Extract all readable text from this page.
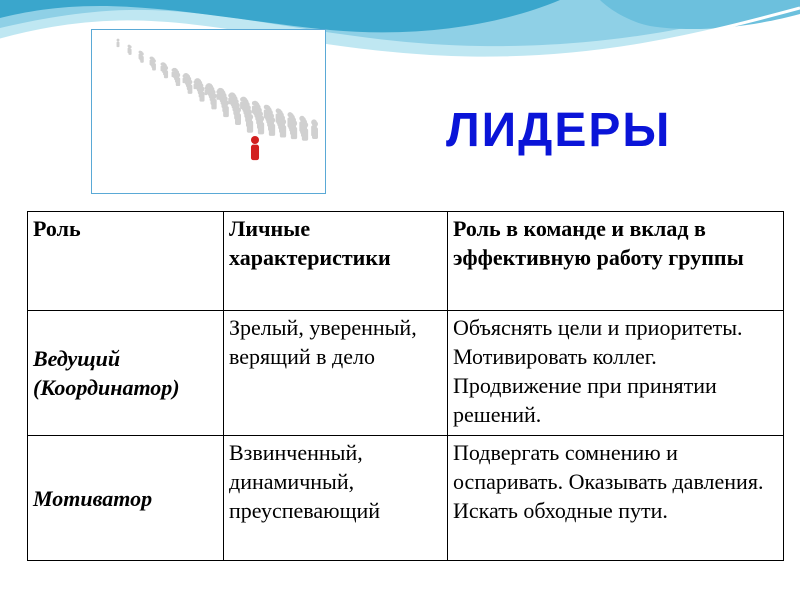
ЛИДЕРЫ
Роль	Личные характеристики	Роль в команде и вклад в эффективную работу группы
Ведущий (Координатор)	Зрелый, уверенный, верящий в дело	Объяснять цели и приоритеты. Мотивировать коллег. Продвижение при принятии решений.
Мотиватор	Взвинченный, динамичный, преуспевающий	Подвергать сомнению и оспаривать. Оказывать давления. Искать обходные пути.
